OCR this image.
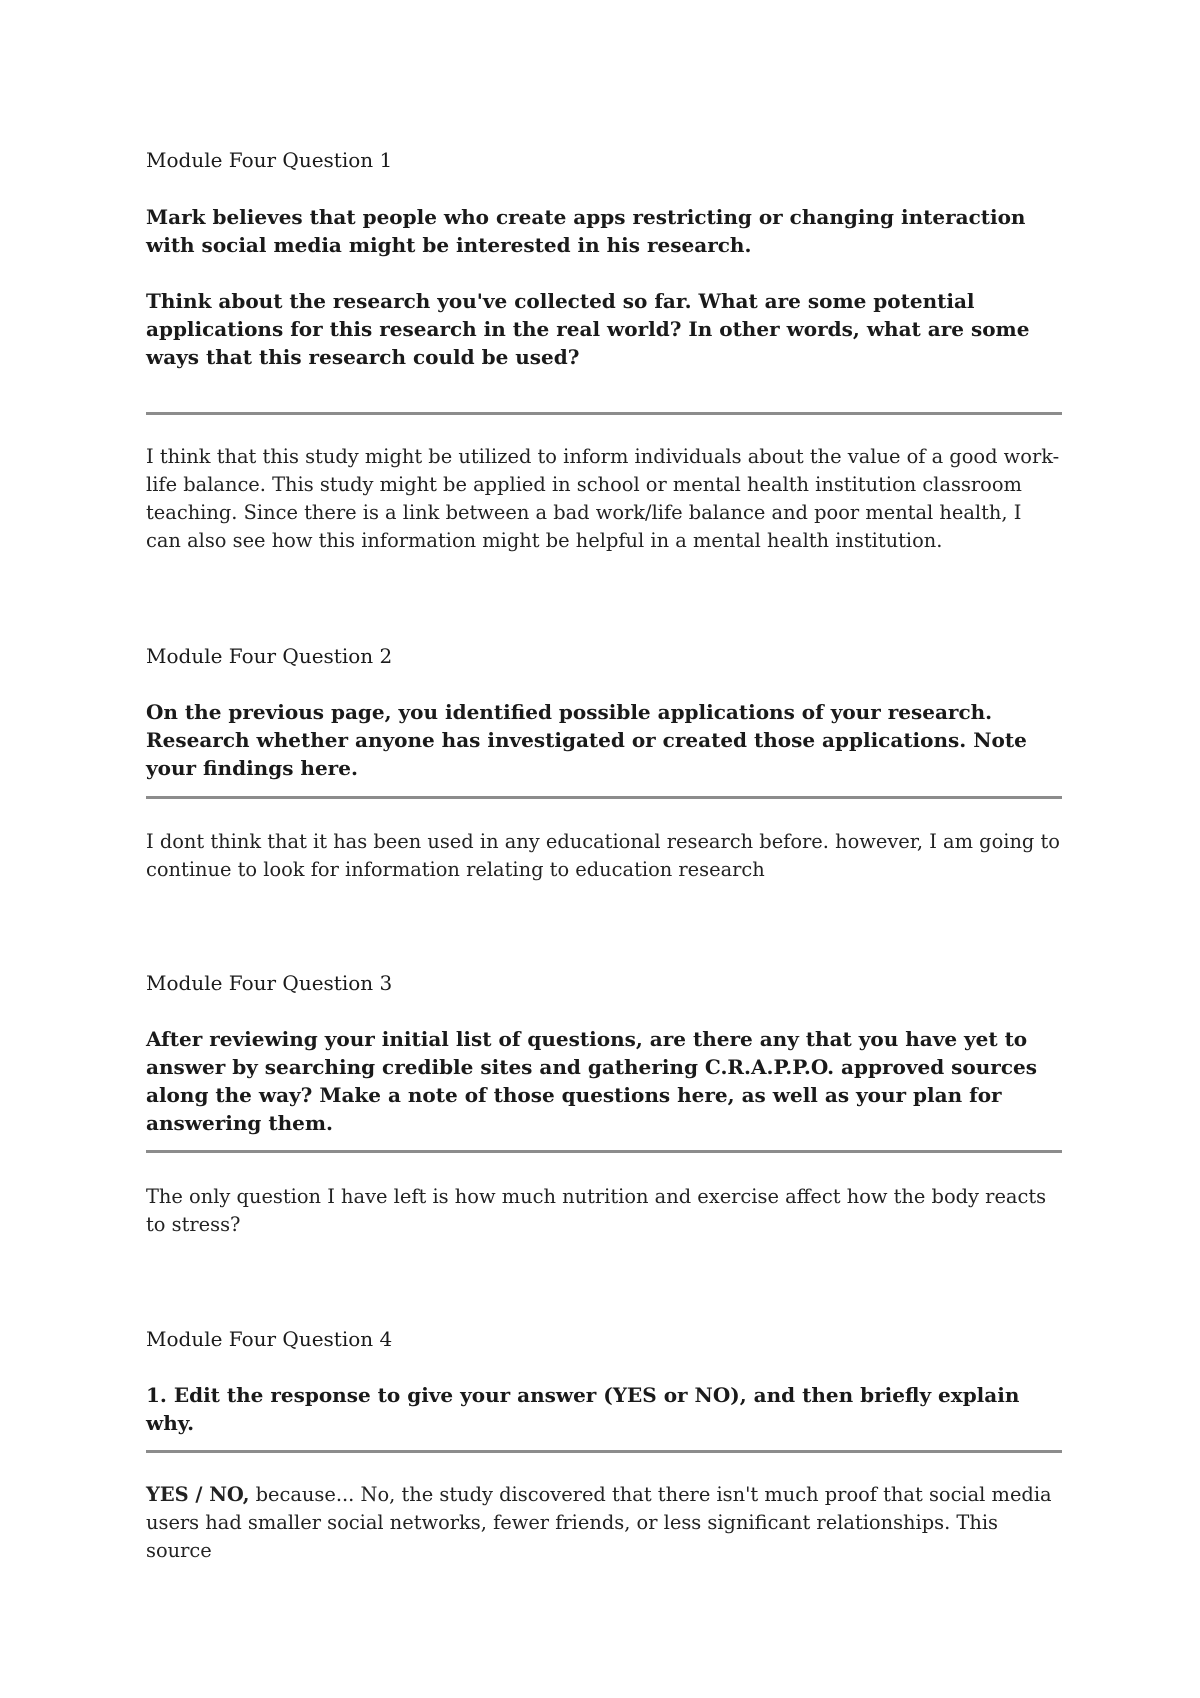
Module Four Question 1

Mark believes that people who create apps restricting or changing interaction with social media might be interested in his research.

Think about the research you've collected so far. What are some potential applications for this research in the real world? In other words, what are some ways that this research could be used?

I think that this study might be utilized to inform individuals about the value of a good work-life balance. This study might be applied in school or mental health institution classroom teaching. Since there is a link between a bad work/life balance and poor mental health, I can also see how this information might be helpful in a mental health institution.

Module Four Question 2

On the previous page, you identified possible applications of your research. Research whether anyone has investigated or created those applications. Note your findings here.

I dont think that it has been used in any educational research before. however, I am going to continue to look for information relating to education research

Module Four Question 3

After reviewing your initial list of questions, are there any that you have yet to answer by searching credible sites and gathering C.R.A.P.P.O. approved sources along the way? Make a note of those questions here, as well as your plan for answering them.

The only question I have left is how much nutrition and exercise affect how the body reacts to stress?

Module Four Question 4

1. Edit the response to give your answer (YES or NO), and then briefly explain why.

YES / NO, because... No, the study discovered that there isn't much proof that social media users had smaller social networks, fewer friends, or less significant relationships. This source
